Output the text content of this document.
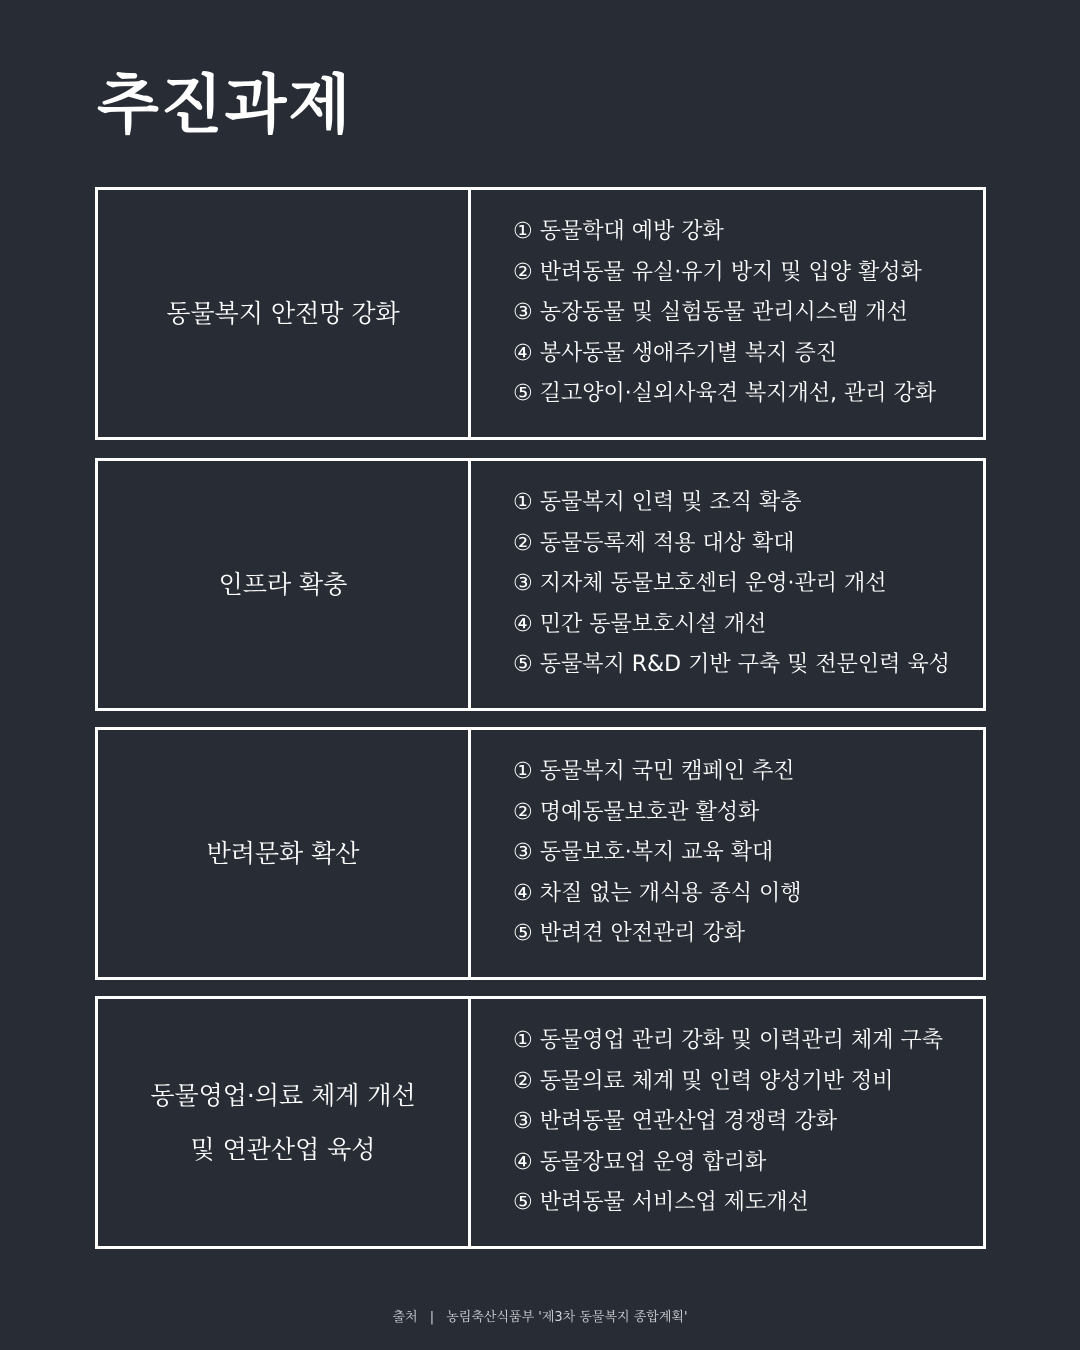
추진과제
동물복지 안전망 강화
① 동물학대 예방 강화
② 반려동물 유실·유기 방지 및 입양 활성화
③ 농장동물 및 실험동물 관리시스템 개선
④ 봉사동물 생애주기별 복지 증진
⑤ 길고양이·실외사육견 복지개선, 관리 강화
인프라 확충
① 동물복지 인력 및 조직 확충
② 동물등록제 적용 대상 확대
③ 지자체 동물보호센터 운영·관리 개선
④ 민간 동물보호시설 개선
⑤ 동물복지 R&D 기반 구축 및 전문인력 육성
반려문화 확산
① 동물복지 국민 캠페인 추진
② 명예동물보호관 활성화
③ 동물보호·복지 교육 확대
④ 차질 없는 개식용 종식 이행
⑤ 반려견 안전관리 강화
동물영업·의료 체계 개선
및 연관산업 육성
① 동물영업 관리 강화 및 이력관리 체계 구축
② 동물의료 체계 및 인력 양성기반 정비
③ 반려동물 연관산업 경쟁력 강화
④ 동물장묘업 운영 합리화
⑤ 반려동물 서비스업 제도개선
출처 | 농림축산식품부 '제3차 동물복지 종합계획'
